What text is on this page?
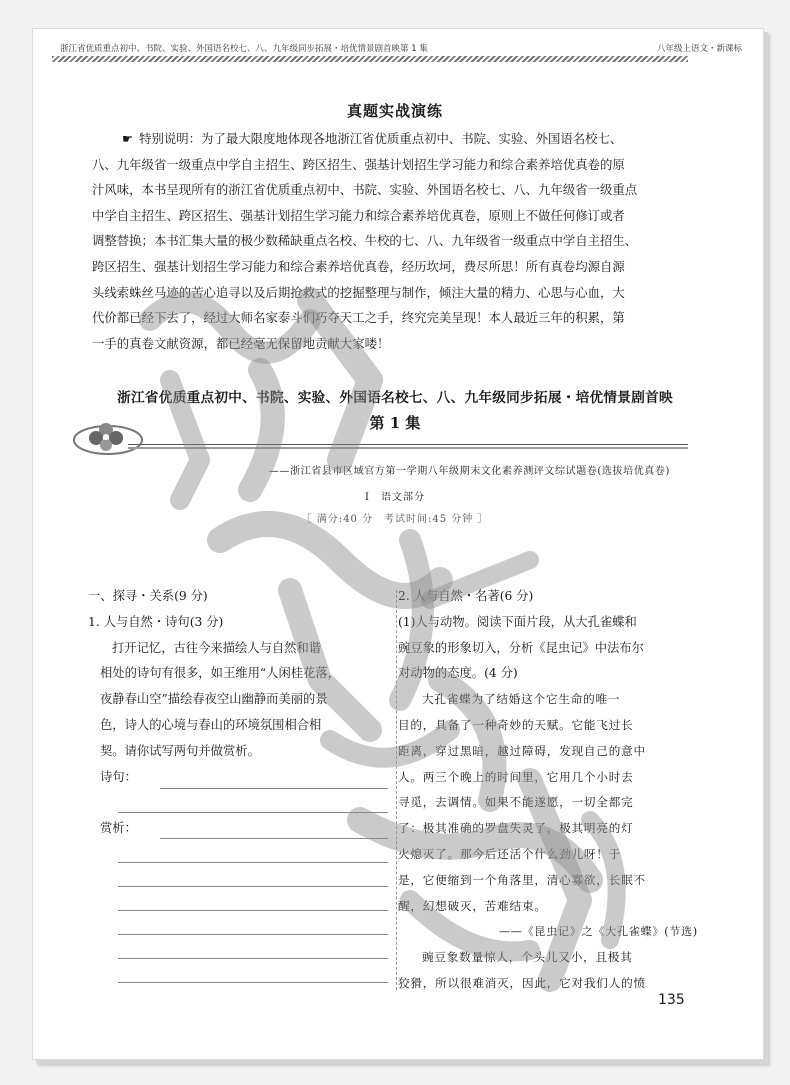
浙江省优质重点初中、书院、实验、外国语名校七、八、九年级同步拓展・培优情景剧首映第 1 集	八年级上语文・新课标
真题实战演练
☛ 特别说明：为了最大限度地体现各地浙江省优质重点初中、书院、实验、外国语名校七、
八、九年级省一级重点中学自主招生、跨区招生、强基计划招生学习能力和综合素养培优真卷的原
汁风味，本书呈现所有的浙江省优质重点初中、书院、实验、外国语名校七、八、九年级省一级重点
中学自主招生、跨区招生、强基计划招生学习能力和综合素养培优真卷，原则上不做任何修订或者
调整替换；本书汇集大量的极少数稀缺重点名校、牛校的七、八、九年级省一级重点中学自主招生、
跨区招生、强基计划招生学习能力和综合素养培优真卷，经历坎坷，费尽所思！所有真卷均源自源
头线索蛛丝马迹的苦心追寻以及后期抢救式的挖掘整理与制作，倾注大量的精力、心思与心血，大
代价都已经下去了，经过大师名家泰斗们巧夺天工之手，终究完美呈现！本人最近三年的积累，第
一手的真卷文献资源，都已经毫无保留地贡献大家喽！
浙江省优质重点初中、书院、实验、外国语名校七、八、九年级同步拓展・培优情景剧首映
第 1 集
——浙江省县市区域官方第一学期八年级期末文化素养测评文综试题卷(选拔培优真卷)
Ⅰ　语文部分
［ 满分:40 分　考试时间:45 分钟 ］
一、探寻・关系(9 分)
1. 人与自然・诗句(3 分)
打开记忆，古往今来描绘人与自然和谐
相处的诗句有很多，如王维用“人闲桂花落，
夜静春山空”描绘春夜空山幽静而美丽的景
色，诗人的心境与春山的环境氛围相合相
契。请你试写两句并做赏析。
诗句：

赏析：
2. 人与自然・名著(6 分)
(1)人与动物。阅读下面片段，从大孔雀蝶和
豌豆象的形象切入，分析《昆虫记》中法布尔
对动物的态度。(4 分)
大孔雀蝶为了结婚这个它生命的唯一
目的，具备了一种奇妙的天赋。它能飞过长
距离，穿过黑暗，越过障碍，发现自己的意中
人。两三个晚上的时间里，它用几个小时去
寻觅，去调情。如果不能遂愿，一切全都完
了：极其准确的罗盘失灵了，极其明亮的灯
火熄灭了。那今后还活个什么劲儿呀！于
是，它便缩到一个角落里，清心寡欲，长眠不
醒，幻想破灭，苦难结束。
——《昆虫记》之《大孔雀蝶》(节选)
豌豆象数量惊人，个头儿又小，且极其
狡猾，所以很难消灭，因此，它对我们人的愤
135
